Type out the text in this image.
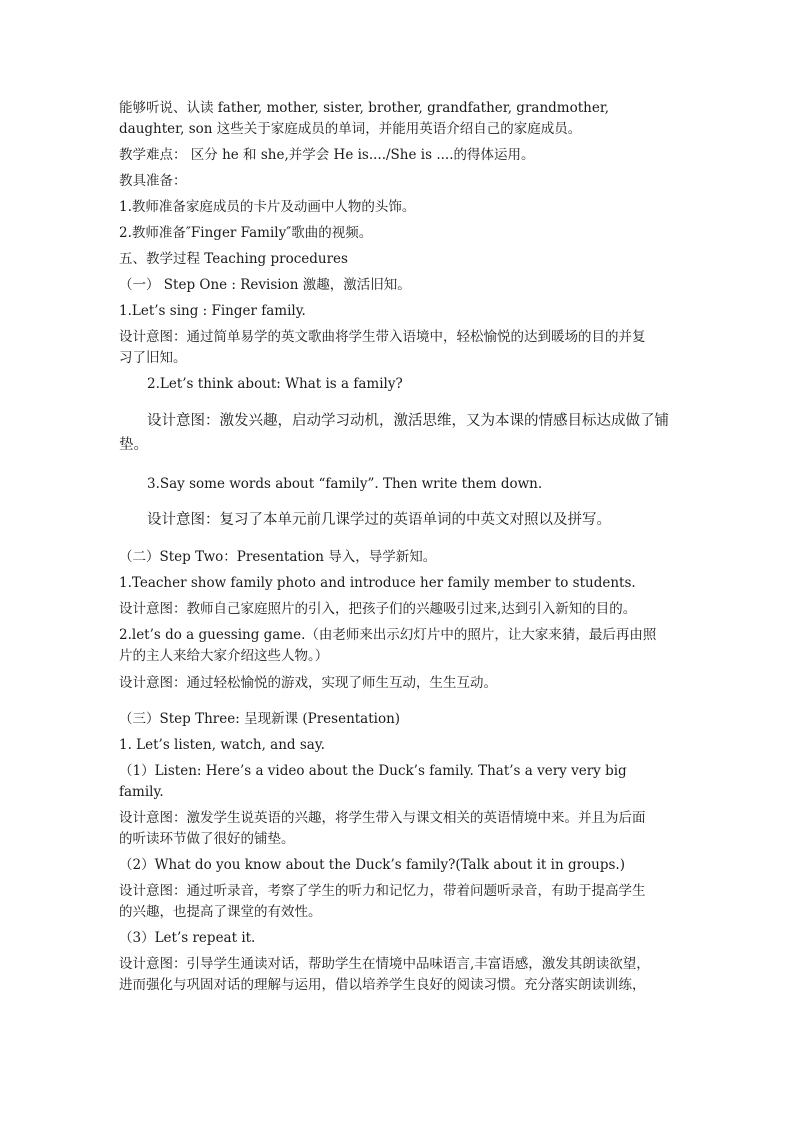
能够听说、认读 father, mother, sister, brother, grandfather, grandmother,
daughter, son 这些关于家庭成员的单词，并能用英语介绍自己的家庭成员。
教学难点： 区分 he 和 she,并学会 He is..../She is ....的得体运用。
教具准备：
1.教师准备家庭成员的卡片及动画中人物的头饰。
2.教师准备″Finger Family″歌曲的视频。
五、教学过程 Teaching procedures
（一） Step One : Revision 激趣，激活旧知。
1.Let’s sing : Finger family.
设计意图：通过简单易学的英文歌曲将学生带入语境中，轻松愉悦的达到暖场的目的并复
习了旧知。
2.Let’s think about: What is a family?
设计意图：激发兴趣，启动学习动机，激活思维，又为本课的情感目标达成做了铺
垫。
3.Say some words about “family”. Then write them down.
设计意图：复习了本单元前几课学过的英语单词的中英文对照以及拼写。
（二）Step Two：Presentation 导入，导学新知。
1.Teacher show family photo and introduce her family member to students.
设计意图：教师自己家庭照片的引入，把孩子们的兴趣吸引过来,达到引入新知的目的。
2.let’s do a guessing game.（由老师来出示幻灯片中的照片，让大家来猜，最后再由照
片的主人来给大家介绍这些人物。）
设计意图：通过轻松愉悦的游戏，实现了师生互动，生生互动。
（三）Step Three: 呈现新课 (Presentation)
1. Let’s listen, watch, and say.
（1）Listen: Here’s a video about the Duck’s family. That’s a very very big
family.
设计意图：激发学生说英语的兴趣，将学生带入与课文相关的英语情境中来。并且为后面
的听读环节做了很好的铺垫。
（2）What do you know about the Duck’s family?(Talk about it in groups.)
设计意图：通过听录音，考察了学生的听力和记忆力，带着问题听录音，有助于提高学生
的兴趣，也提高了课堂的有效性。
（3）Let’s repeat it.
设计意图：引导学生通读对话，帮助学生在情境中品味语言,丰富语感，激发其朗读欲望，
进而强化与巩固对话的理解与运用，借以培养学生良好的阅读习惯。充分落实朗读训练，
